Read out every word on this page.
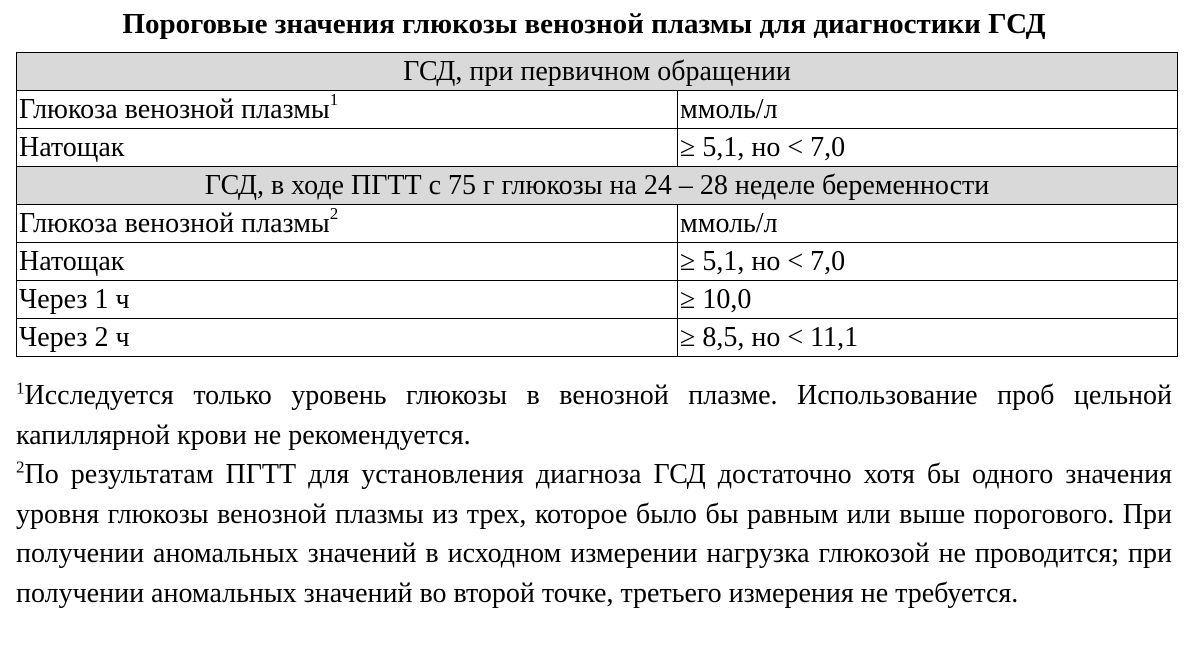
Пороговые значения глюкозы венозной плазмы для диагностики ГСД
ГСД, при первичном обращении	
Глюкоза венозной плазмы$^1$	ммоль/л
Натощак	≥ 5,1, но < 7,0
ГСД, в ходе ПГТТ с 75 г глюкозы на 24 – 28 неделе беременности	
Глюкоза венозной плазмы$^2$	ммоль/л
Натощак	≥ 5,1, но < 7,0
Через 1 ч	≥ 10,0
Через 2 ч	≥ 8,5, но < 11,1

$^1$Исследуется только уровень глюкозы в венозной плазме. Использование проб цельной капиллярной крови не рекомендуется.

$^2$По результатам ПГТТ для установления диагноза ГСД достаточно хотя бы одного значения уровня глюкозы венозной плазмы из трех, которое было бы равным или выше порогового. При получении аномальных значений в исходном измерении нагрузка глюкозой не проводится; при получении аномальных значений во второй точке, третьего измерения не требуется.
